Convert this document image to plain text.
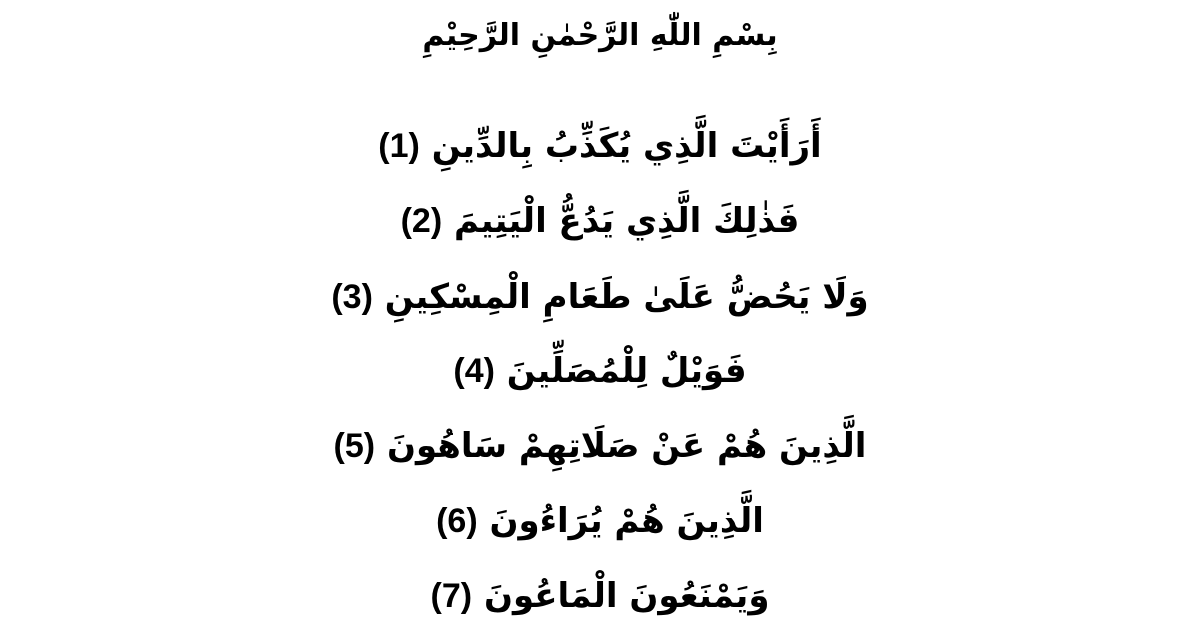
بِسْمِ اللّٰهِ الرَّحْمٰنِ الرَّحِيْمِ
أَرَأَيْتَ الَّذِي يُكَذِّبُ بِالدِّينِ (1)
فَذٰلِكَ الَّذِي يَدُعُّ الْيَتِيمَ (2)
وَلَا يَحُضُّ عَلَىٰ طَعَامِ الْمِسْكِينِ (3)
فَوَيْلٌ لِلْمُصَلِّينَ (4)
الَّذِينَ هُمْ عَنْ صَلَاتِهِمْ سَاهُونَ (5)
الَّذِينَ هُمْ يُرَاءُونَ (6)
وَيَمْنَعُونَ الْمَاعُونَ (7)
